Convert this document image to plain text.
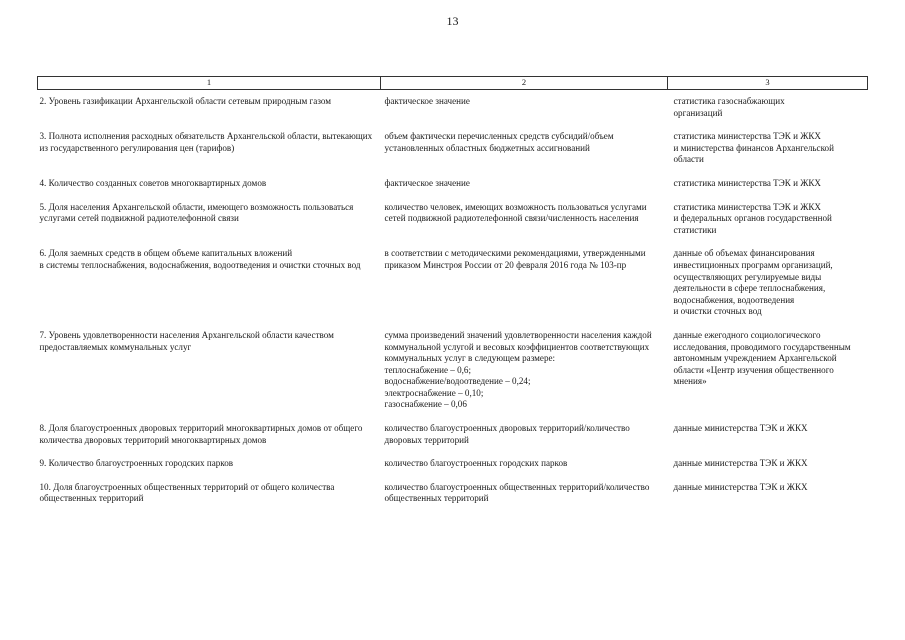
13
1	2	3
2. Уровень газификации Архангельской области сетевым природным газом	фактическое значение	статистика газоснабжающих
организаций
3. Полнота исполнения расходных обязательств Архангельской области, вытекающих из государственного регулирования цен (тарифов)	объем фактически перечисленных средств субсидий/объем установленных областных бюджетных ассигнований	статистика министерства ТЭК и ЖКХ
и министерства финансов Архангельской области
4. Количество созданных советов многоквартирных домов	фактическое значение	статистика министерства ТЭК и ЖКХ
5. Доля населения Архангельской области, имеющего возможность пользоваться услугами сетей подвижной радиотелефонной связи	количество человек, имеющих возможность пользоваться услугами сетей подвижной радиотелефонной связи/численность населения	статистика министерства ТЭК и ЖКХ
и федеральных органов государственной статистики
6. Доля заемных средств в общем объеме капитальных вложений
в системы теплоснабжения, водоснабжения, водоотведения и очистки сточных вод	в соответствии с методическими рекомендациями, утвержденными приказом Минстроя России от 20 февраля 2016 года № 103-пр	данные об объемах финансирования инвестиционных программ организаций, осуществляющих регулируемые виды деятельности в сфере теплоснабжения, водоснабжения, водоотведения
и очистки сточных вод
7. Уровень удовлетворенности населения Архангельской области качеством предоставляемых коммунальных услуг	сумма произведений значений удовлетворенности населения каждой коммунальной услугой и весовых коэффициентов соответствующих коммунальных услуг в следующем размере:
теплоснабжение – 0,6;
водоснабжение/водоотведение – 0,24;
электроснабжение – 0,10;
газоснабжение – 0,06	данные ежегодного социологического исследования, проводимого государственным автономным учреждением Архангельской области «Центр изучения общественного мнения»
8. Доля благоустроенных дворовых территорий многоквартирных домов от общего количества дворовых территорий многоквартирных домов	количество благоустроенных дворовых территорий/количество дворовых территорий	данные министерства ТЭК и ЖКХ
9. Количество благоустроенных городских парков	количество благоустроенных городских парков	данные министерства ТЭК и ЖКХ
10. Доля благоустроенных общественных территорий от общего количества общественных территорий	количество благоустроенных общественных территорий/количество общественных территорий	данные министерства ТЭК и ЖКХ
